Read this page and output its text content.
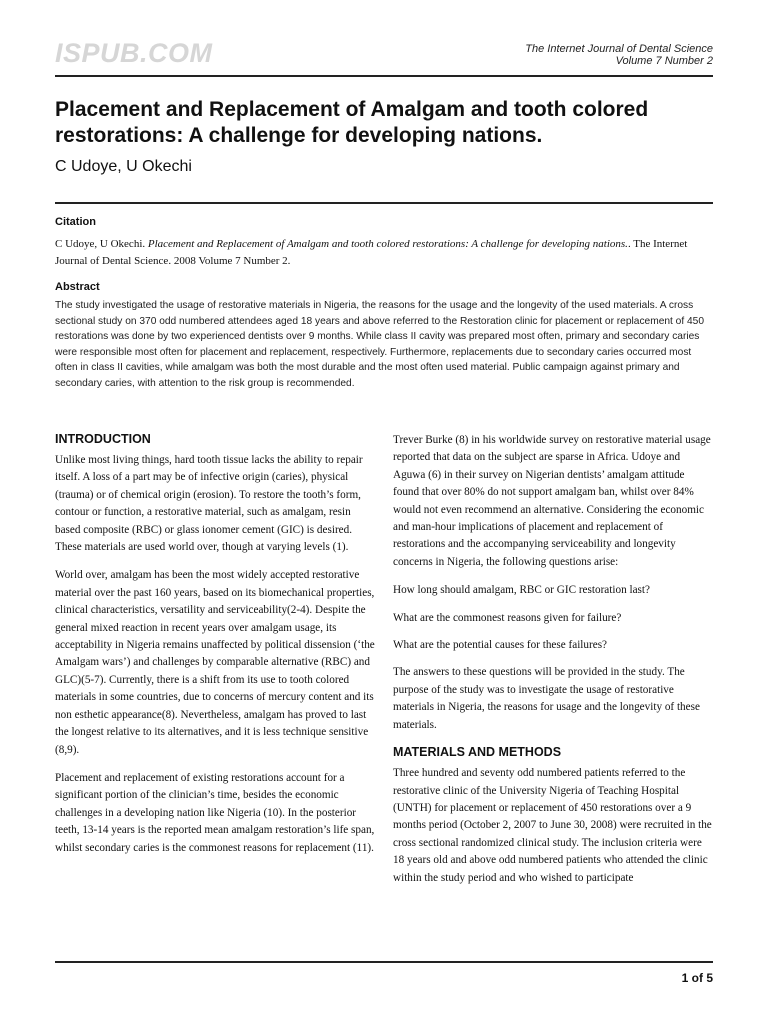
ISPUB.COM	The Internet Journal of Dental Science
Volume 7 Number 2
Placement and Replacement of Amalgam and tooth colored restorations: A challenge for developing nations.
C Udoye, U Okechi
Citation

C Udoye, U Okechi. Placement and Replacement of Amalgam and tooth colored restorations: A challenge for developing nations.. The Internet Journal of Dental Science. 2008 Volume 7 Number 2.

Abstract

The study investigated the usage of restorative materials in Nigeria, the reasons for the usage and the longevity of the used materials. A cross sectional study on 370 odd numbered attendees aged 18 years and above referred to the Restoration clinic for placement or replacement of 450 restorations was done by two experienced dentists over 9 months. While class II cavity was prepared most often, primary and secondary caries were responsible most often for placement and replacement, respectively. Furthermore, replacements due to secondary caries occurred most often in class II cavities, while amalgam was both the most durable and the most often used material. Public campaign against primary and secondary caries, with attention to the risk group is recommended.

INTRODUCTION

Unlike most living things, hard tooth tissue lacks the ability to repair itself. A loss of a part may be of infective origin (caries), physical (trauma) or of chemical origin (erosion). To restore the tooth’s form, contour or function, a restorative material, such as amalgam, resin based composite (RBC) or glass ionomer cement (GIC) is desired. These materials are used world over, though at varying levels (1).

World over, amalgam has been the most widely accepted restorative material over the past 160 years, based on its biomechanical properties, clinical characteristics, versatility and serviceability(2-4). Despite the general mixed reaction in recent years over amalgam usage, its acceptability in Nigeria remains unaffected by political dissension (‘the Amalgam wars’) and challenges by comparable alternative (RBC) and GLC)(5-7). Currently, there is a shift from its use to tooth colored materials in some countries, due to concerns of mercury content and its non esthetic appearance(8). Nevertheless, amalgam has proved to last the longest relative to its alternatives, and it is less technique sensitive (8,9).

Placement and replacement of existing restorations account for a significant portion of the clinician’s time, besides the economic challenges in a developing nation like Nigeria (10). In the posterior teeth, 13-14 years is the reported mean amalgam restoration’s life span, whilst secondary caries is the commonest reasons for replacement (11).

Trever Burke (8) in his worldwide survey on restorative material usage reported that data on the subject are sparse in Africa. Udoye and Aguwa (6) in their survey on Nigerian dentists’ amalgam attitude found that over 80% do not support amalgam ban, whilst over 84% would not even recommend an alternative. Considering the economic and man-hour implications of placement and replacement of restorations and the accompanying serviceability and longevity concerns in Nigeria, the following questions arise:

How long should amalgam, RBC or GIC restoration last?

What are the commonest reasons given for failure?

What are the potential causes for these failures?

The answers to these questions will be provided in the study. The purpose of the study was to investigate the usage of restorative materials in Nigeria, the reasons for usage and the longevity of these materials.

MATERIALS AND METHODS

Three hundred and seventy odd numbered patients referred to the restorative clinic of the University Nigeria of Teaching Hospital (UNTH) for placement or replacement of 450 restorations over a 9 months period (October 2, 2007 to June 30, 2008) were recruited in the cross sectional randomized clinical study. The inclusion criteria were 18 years old and above odd numbered patients who attended the clinic within the study period and who wished to participate

1 of 5
